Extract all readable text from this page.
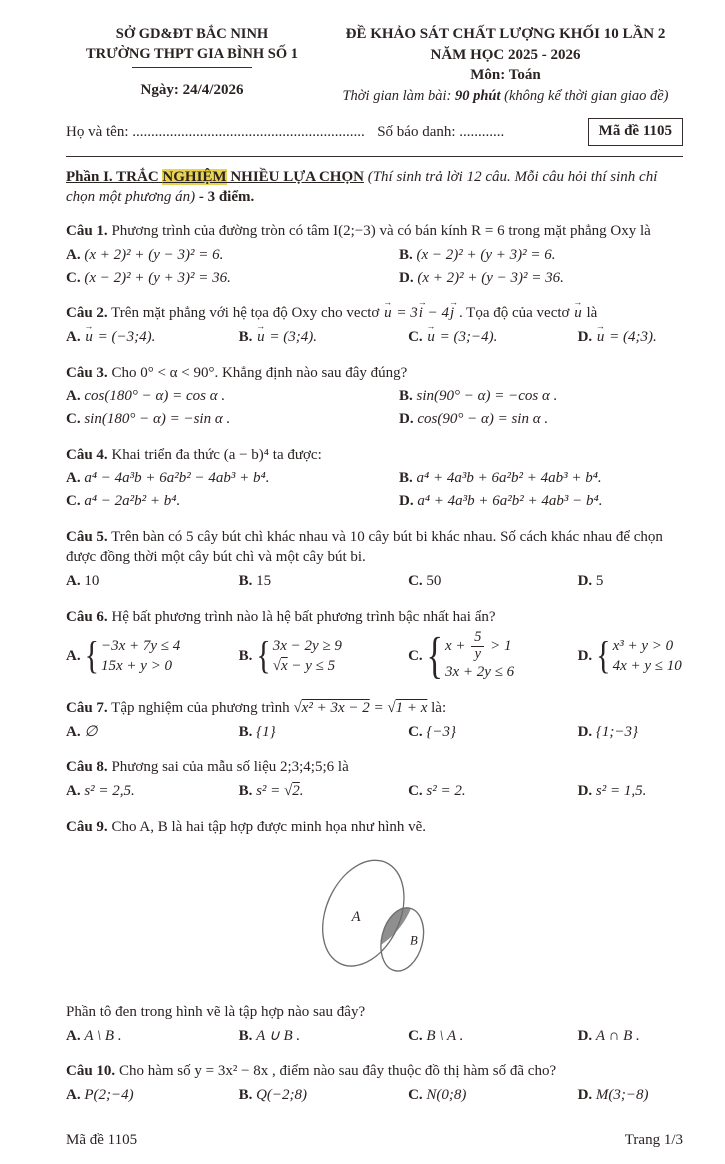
SỞ GD&ĐT BẮC NINH
TRƯỜNG THPT GIA BÌNH SỐ 1
Ngày: 24/4/2026
ĐỀ KHẢO SÁT CHẤT LƯỢNG KHỐI 10 LẦN 2
NĂM HỌC 2025 - 2026
Môn: Toán
Thời gian làm bài: 90 phút (không kể thời gian giao đề)
Họ và tên: .............................................................. Số báo danh: ............	Mã đề 1105

Phần I. TRẮC NGHIỆM NHIỀU LỰA CHỌN (Thí sinh trả lời 12 câu. Mỗi câu hỏi thí sinh chỉ chọn một phương án) - 3 điểm.

Câu 1. Phương trình của đường tròn có tâm I(2;−3) và có bán kính R = 6 trong mặt phẳng Oxy là

A. (x + 2)² + (y − 3)² = 6.	B. (x − 2)² + (y + 3)² = 6.
C. (x − 2)² + (y + 3)² = 36.	D. (x + 2)² + (y − 3)² = 36.

Câu 2. Trên mặt phẳng với hệ tọa độ Oxy cho vectơ u → = 3i → − 4j → . Tọa độ của vectơ u → là

A. u → = (−3;4).	B. u → = (3;4).	C. u → = (3;−4).	D. u → = (4;3).

Câu 3. Cho 0° < α < 90°. Khẳng định nào sau đây đúng?

A. cos(180° − α) = cos α .	B. sin(90° − α) = −cos α .
C. sin(180° − α) = −sin α .	D. cos(90° − α) = sin α .

Câu 4. Khai triển đa thức (a − b)⁴ ta được:

A. a⁴ − 4a³b + 6a²b² − 4ab³ + b⁴.	B. a⁴ + 4a³b + 6a²b² + 4ab³ + b⁴.
C. a⁴ − 2a²b² + b⁴.	D. a⁴ + 4a³b + 6a²b² + 4ab³ − b⁴.

Câu 5. Trên bàn có 5 cây bút chì khác nhau và 10 cây bút bi khác nhau. Số cách khác nhau để chọn được đồng thời một cây bút chì và một cây bút bi.

A. 10	B. 15	C. 50	D. 5

Câu 6. Hệ bất phương trình nào là hệ bất phương trình bậc nhất hai ẩn?

A. { −3x + 7y ≤ 4
15x + y > 0
B. { 3x − 2y ≥ 9
√x − y ≤ 5
C. { $x + \frac{5}{y} > 1$
3x + 2y ≤ 6
D. { x³ + y > 0
4x + y ≤ 10

Câu 7. Tập nghiệm của phương trình √x² + 3x − 2 = √1 + x là:

A. ∅	B. {1}	C. {−3}	D. {1;−3}

Câu 8. Phương sai của mẫu số liệu 2;3;4;5;6 là

A. s² = 2,5.	B. s² = √2.	C. s² = 2.	D. s² = 1,5.

Câu 9. Cho A, B là hai tập hợp được minh họa như hình vẽ.

A
B

Phần tô đen trong hình vẽ là tập hợp nào sau đây?

A. A \ B .	B. A ∪ B .	C. B \ A .	D. A ∩ B .

Câu 10. Cho hàm số y = 3x² − 8x , điểm nào sau đây thuộc đồ thị hàm số đã cho?

A. P(2;−4)	B. Q(−2;8)	C. N(0;8)	D. M(3;−8)
Mã đề 1105	Trang 1/3
